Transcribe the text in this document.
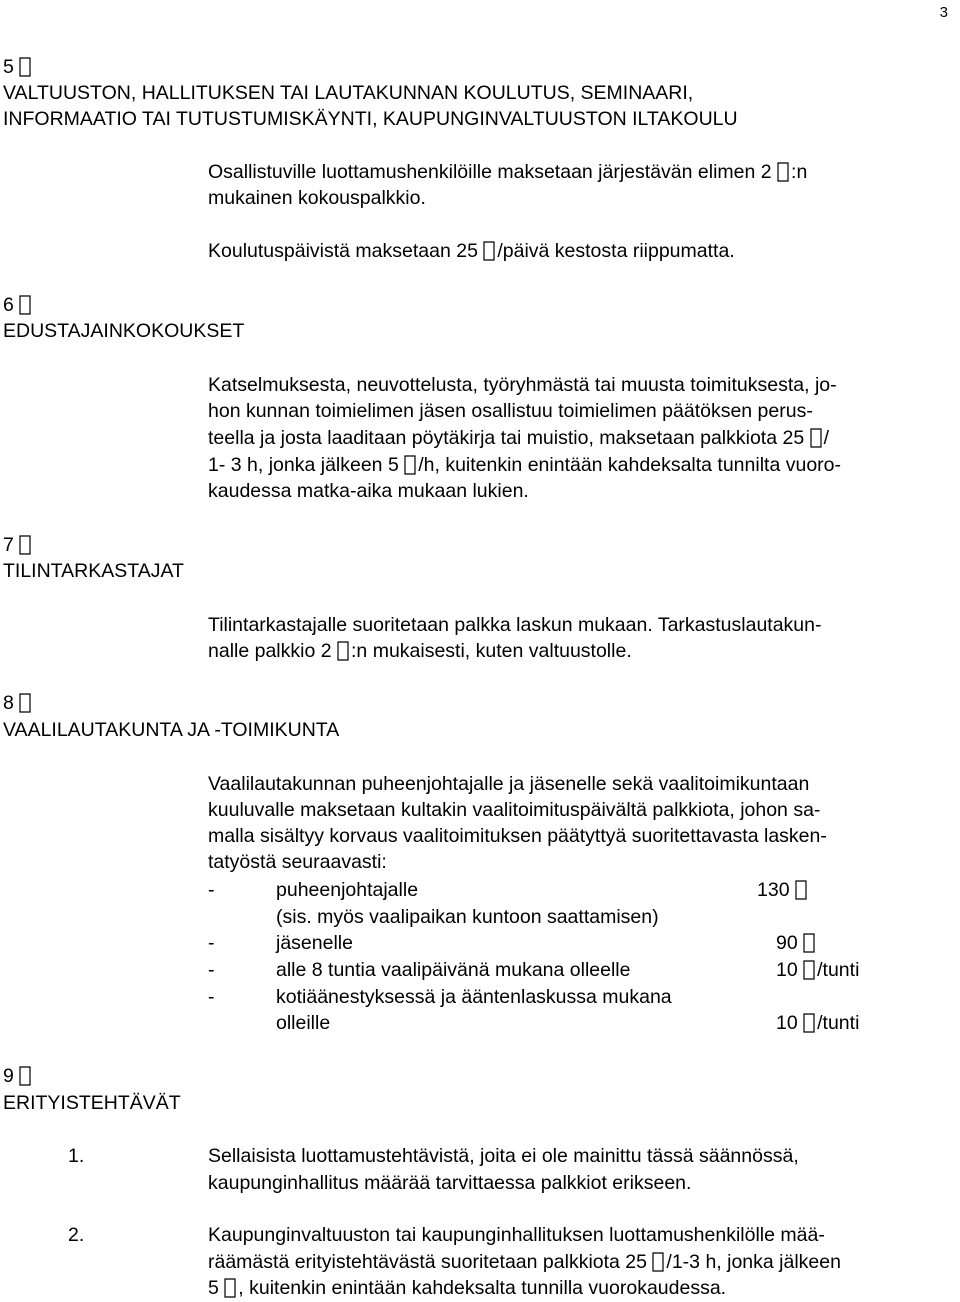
3
5
VALTUUSTON, HALLITUKSEN TAI LAUTAKUNNAN KOULUTUS, SEMINAARI,
INFORMAATIO TAI TUTUSTUMISKÄYNTI, KAUPUNGINVALTUUSTON ILTAKOULU
Osallistuville luottamushenkilöille maksetaan järjestävän elimen 2 :n
mukainen kokouspalkkio.
Koulutuspäivistä maksetaan 25 /päivä kestosta riippumatta.
6
EDUSTAJAINKOKOUKSET
Katselmuksesta, neuvottelusta, työryhmästä tai muusta toimituksesta, jo-
hon kunnan toimielimen jäsen osallistuu toimielimen päätöksen perus-
teella ja josta laaditaan pöytäkirja tai muistio, maksetaan palkkiota 25 /
1- 3 h, jonka jälkeen 5 /h, kuitenkin enintään kahdeksalta tunnilta vuoro-
kaudessa matka-aika mukaan lukien.
7
TILINTARKASTAJAT
Tilintarkastajalle suoritetaan palkka laskun mukaan. Tarkastuslautakun-
nalle palkkio 2 :n mukaisesti, kuten valtuustolle.
8
VAALILAUTAKUNTA JA -TOIMIKUNTA
Vaalilautakunnan puheenjohtajalle ja jäsenelle sekä vaalitoimikuntaan
kuuluvalle maksetaan kultakin vaalitoimituspäivältä palkkiota, johon sa-
malla sisältyy korvaus vaalitoimituksen päätyttyä suoritettavasta lasken-
tatyöstä seuraavasti:
-	puheenjohtajalle	130
(sis. myös vaalipaikan kuntoon saattamisen)
-	jäsenelle	90
-	alle 8 tuntia vaalipäivänä mukana olleelle	10 /tunti
-	kotiäänestyksessä ja ääntenlaskussa mukana
olleille	10 /tunti
9
ERITYISTEHTÄVÄT
1.	Sellaisista luottamustehtävistä, joita ei ole mainittu tässä säännössä,
kaupunginhallitus määrää tarvittaessa palkkiot erikseen.
2.	Kaupunginvaltuuston tai kaupunginhallituksen luottamushenkilölle mää-
räämästä erityistehtävästä suoritetaan palkkiota 25 /1-3 h, jonka jälkeen
5 , kuitenkin enintään kahdeksalta tunnilla vuorokaudessa.
